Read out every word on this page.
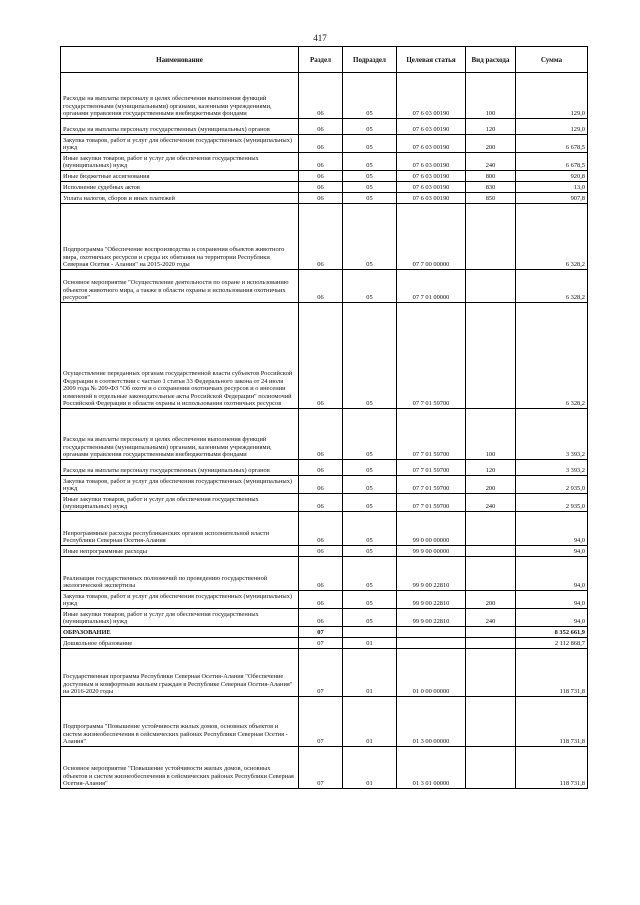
417
Наименование	Раздел	Подраздел	Целевая статья	Вид расхода	Сумма
Расходы на выплаты персоналу в целях обеспечения выполнения функций государственными (муниципальными) органами, казенными учреждениями, органами управления государственными внебюджетными фондами	06	05	07 6 03 00190	100	129,0
Расходы на выплаты персоналу государственных (муниципальных) органов	06	05	07 6 03 00190	120	129,0
Закупка товаров, работ и услуг для обеспечения государственных (муниципальных) нужд	06	05	07 6 03 00190	200	6 678,5
Иные закупки товаров, работ и услуг для обеспечения государственных (муниципальных) нужд	06	05	07 6 03 00190	240	6 678,5
Иные бюджетные ассигнования	06	05	07 6 03 00190	800	920,8
Исполнение судебных актов	06	05	07 6 03 00190	830	13,0
Уплата налогов, сборов и иных платежей	06	05	07 6 03 00190	850	907,8
Подпрограмма "Обеспечение воспроизводства и сохранения объектов животного мира, охотничьих ресурсов и среды их обитания на территории Республики Северная Осетия - Алания" на 2015-2020 годы	06	05	07 7 00 00000		6 328,2
Основное мероприятие "Осуществление деятельности по охране и использованию объектов животного мира, а также в области охраны и использования охотничьих ресурсов"	06	05	07 7 01 00000		6 328,2
Осуществление переданных органам государственной власти субъектов Российской Федерации в соответствии с частью 1 статьи 33 Федерального закона от 24 июля 2009 года № 209-ФЗ "Об охоте и о сохранении охотничьих ресурсов и о внесении изменений в отдельные законодательные акты Российской Федерации" полномочий Российской Федерации в области охраны и использования охотничьих ресурсов	06	05	07 7 01 59700		6 328,2
Расходы на выплаты персоналу в целях обеспечения выполнения функций государственными (муниципальными) органами, казенными учреждениями, органами управления государственными внебюджетными фондами	06	05	07 7 01 59700	100	3 393,2
Расходы на выплаты персоналу государственных (муниципальных) органов	06	05	07 7 01 59700	120	3 393,2
Закупка товаров, работ и услуг для обеспечения государственных (муниципальных) нужд	06	05	07 7 01 59700	200	2 935,0
Иные закупки товаров, работ и услуг для обеспечения государственных (муниципальных) нужд	06	05	07 7 01 59700	240	2 935,0
Непрограммные расходы республиканских органов исполнительной власти Республики Северная Осетия-Алания	06	05	99 0 00 00000		94,0
Иные непрограммные расходы	06	05	99 9 00 00000		94,0
Реализация государственных полномочий по проведению государственной экологической экспертизы	06	05	99 9 00 22810		94,0
Закупка товаров, работ и услуг для обеспечения государственных (муниципальных) нужд	06	05	99 9 00 22810	200	94,0
Иные закупки товаров, работ и услуг для обеспечения государственных (муниципальных) нужд	06	05	99 9 00 22810	240	94,0
ОБРАЗОВАНИЕ	07				8 352 661,9
Дошкольное образование	07	01			2 112 868,7
Государственная программа Республики Северная Осетия-Алания "Обеспечение доступным и комфортным жильем граждан в Республике Северная Осетия-Алания" на 2016-2020 годы	07	01	01 0 00 00000		118 731,8
Подпрограмма "Повышение устойчивости жилых домов, основных объектов и систем жизнеобеспечения в сейсмических районах Республики Северная Осетия - Алания"	07	01	01 3 00 00000		118 731,8
Основное мероприятие "Повышение устойчивости жилых домов, основных объектов и систем жизнеобеспечения в сейсмических районах Республики Северная Осетия-Алания"	07	01	01 3 01 00000		118 731,8
